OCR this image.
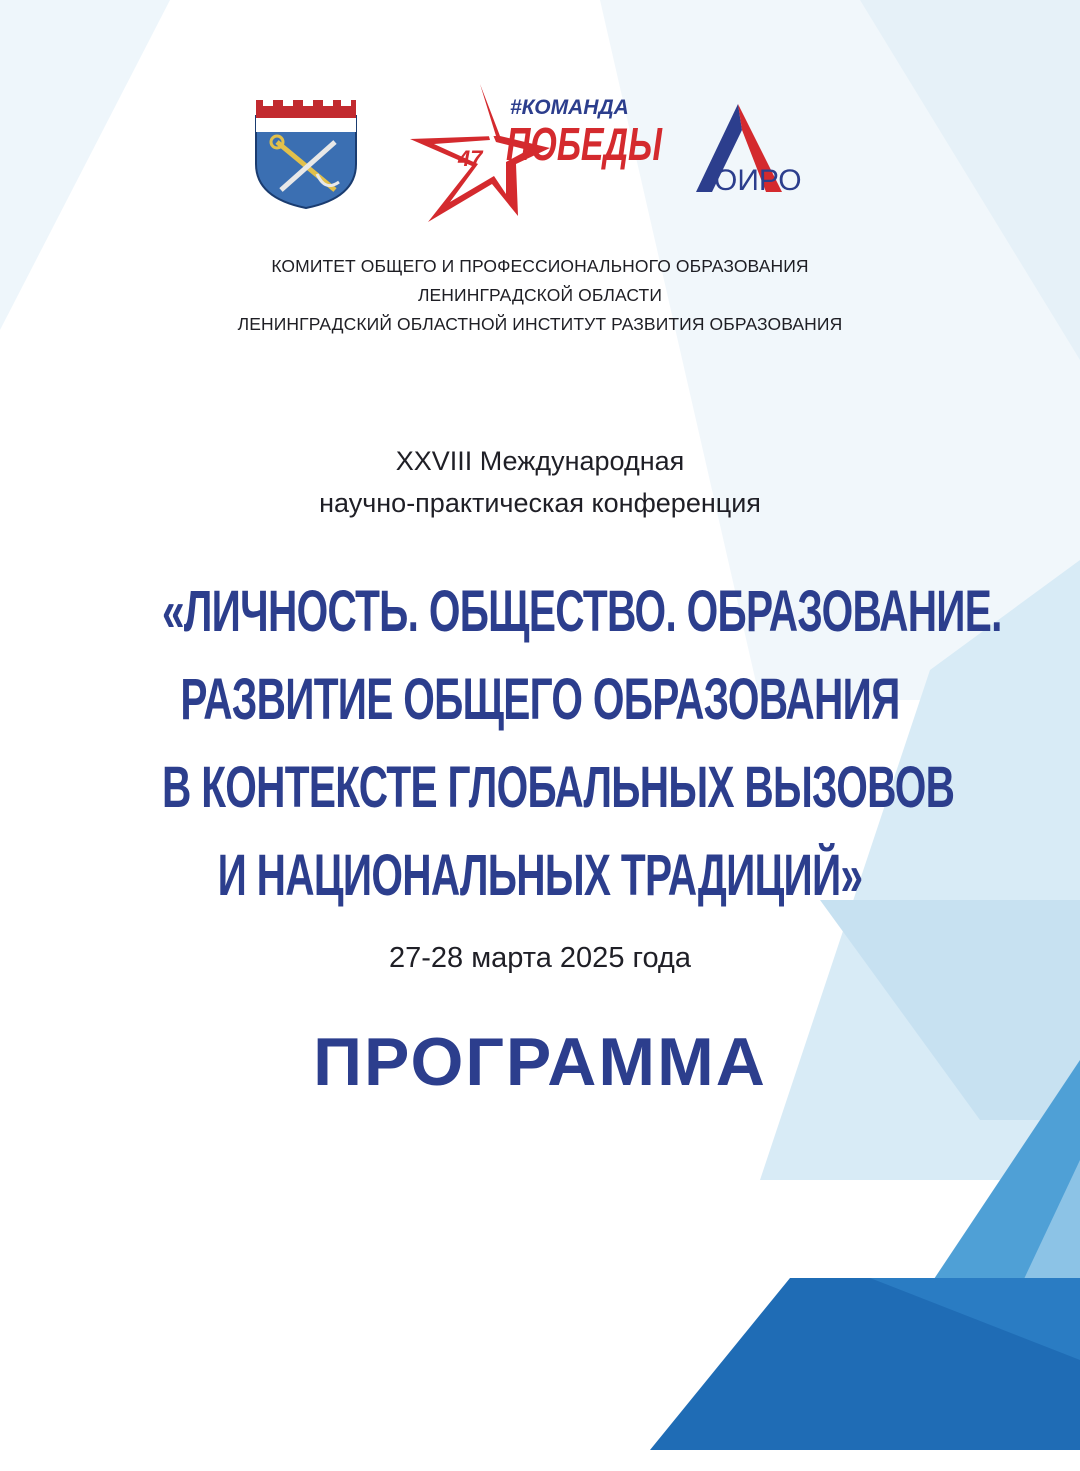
47
#КОМАНДА
ПОБЕДЫ
ОИРО
КОМИТЕТ ОБЩЕГО И ПРОФЕССИОНАЛЬНОГО ОБРАЗОВАНИЯ
ЛЕНИНГРАДСКОЙ ОБЛАСТИ
ЛЕНИНГРАДСКИЙ ОБЛАСТНОЙ ИНСТИТУТ РАЗВИТИЯ ОБРАЗОВАНИЯ
XXVIII Международная
научно-практическая конференция
«ЛИЧНОСТЬ. ОБЩЕСТВО. ОБРАЗОВАНИЕ.
РАЗВИТИЕ ОБЩЕГО ОБРАЗОВАНИЯ
В КОНТЕКСТЕ ГЛОБАЛЬНЫХ ВЫЗОВОВ
И НАЦИОНАЛЬНЫХ ТРАДИЦИЙ»
27-28 марта 2025 года
ПРОГРАММА
